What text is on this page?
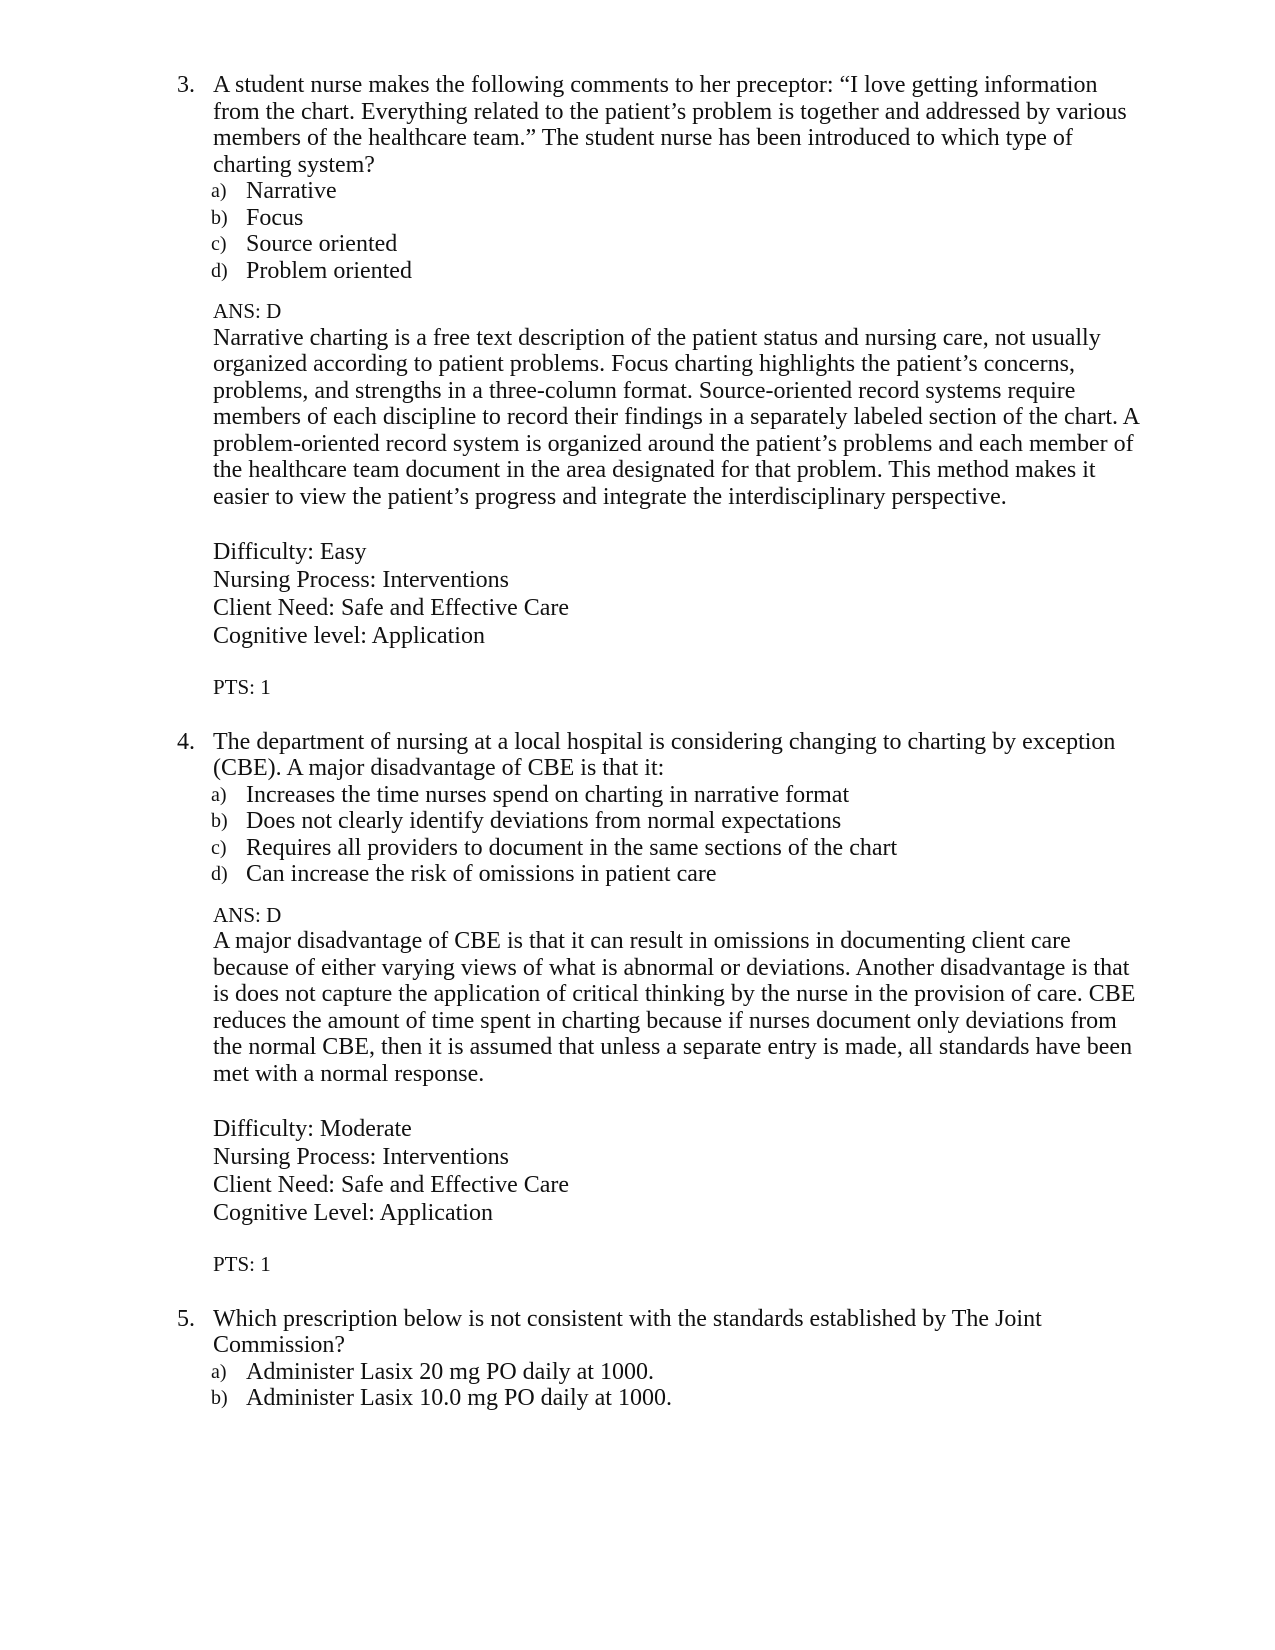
3. A student nurse makes the following comments to her preceptor: “I love getting information from the chart. Everything related to the patient’s problem is together and addressed by various members of the healthcare team.” The student nurse has been introduced to which type of charting system?

a) Narrative
b) Focus
c) Source oriented
d) Problem oriented
ANS: D

Narrative charting is a free text description of the patient status and nursing care, not usually organized according to patient problems. Focus charting highlights the patient’s concerns, problems, and strengths in a three-column format. Source-oriented record systems require members of each discipline to record their findings in a separately labeled section of the chart. A problem-oriented record system is organized around the patient’s problems and each member of the healthcare team document in the area designated for that problem. This method makes it easier to view the patient’s progress and integrate the interdisciplinary perspective.

Difficulty: Easy
Nursing Process: Interventions
Client Need: Safe and Effective Care
Cognitive level: Application
PTS: 1
4. The department of nursing at a local hospital is considering changing to charting by exception (CBE). A major disadvantage of CBE is that it:

a) Increases the time nurses spend on charting in narrative format
b) Does not clearly identify deviations from normal expectations
c) Requires all providers to document in the same sections of the chart
d) Can increase the risk of omissions in patient care
ANS: D

A major disadvantage of CBE is that it can result in omissions in documenting client care because of either varying views of what is abnormal or deviations. Another disadvantage is that is does not capture the application of critical thinking by the nurse in the provision of care. CBE reduces the amount of time spent in charting because if nurses document only deviations from the normal CBE, then it is assumed that unless a separate entry is made, all standards have been met with a normal response.

Difficulty: Moderate
Nursing Process: Interventions
Client Need: Safe and Effective Care
Cognitive Level: Application
PTS: 1
5. Which prescription below is not consistent with the standards established by The Joint Commission?

a) Administer Lasix 20 mg PO daily at 1000.
b) Administer Lasix 10.0 mg PO daily at 1000.
